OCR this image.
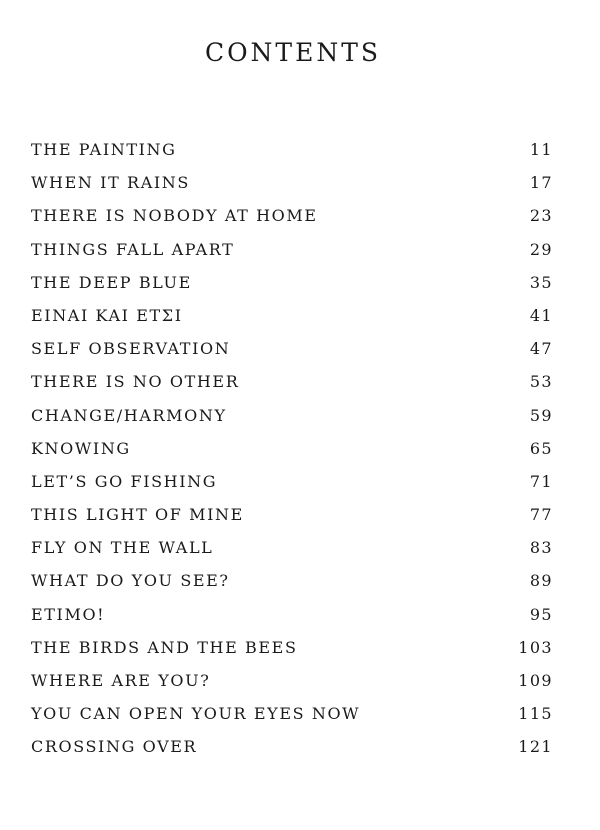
CONTENTS
THE PAINTING	11
WHEN IT RAINS	17
THERE IS NOBODY AT HOME	23
THINGS FALL APART	29
THE DEEP BLUE	35
EINAI KAI ETΣI	41
SELF OBSERVATION	47
THERE IS NO OTHER	53
CHANGE/HARMONY	59
KNOWING	65
LET’S GO FISHING	71
THIS LIGHT OF MINE	77
FLY ON THE WALL	83
WHAT DO YOU SEE?	89
ETIMO!	95
THE BIRDS AND THE BEES	103
WHERE ARE YOU?	109
YOU CAN OPEN YOUR EYES NOW	115
CROSSING OVER	121
